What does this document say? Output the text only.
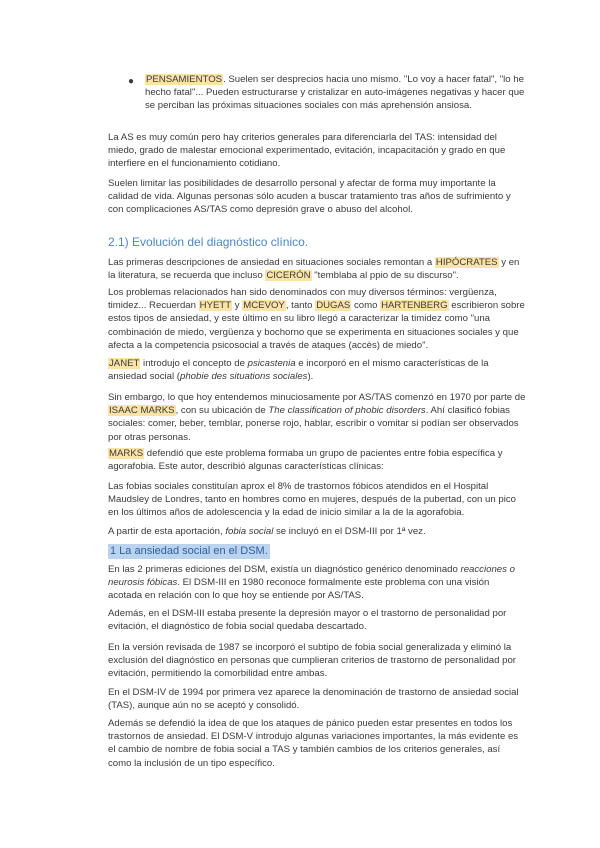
● PENSAMIENTOS. Suelen ser desprecios hacia uno mismo. "Lo voy a hacer fatal", "lo he hecho fatal"... Pueden estructurarse y cristalizar en auto-imágenes negativas y hacer que se perciban las próximas situaciones sociales con más aprehensión ansiosa.

La AS es muy común pero hay criterios generales para diferenciarla del TAS: intensidad del miedo, grado de malestar emocional experimentado, evitación, incapacitación y grado en que interfiere en el funcionamiento cotidiano.

Suelen limitar las posibilidades de desarrollo personal y afectar de forma muy importante la calidad de vida. Algunas personas sólo acuden a buscar tratamiento tras años de sufrimiento y con complicaciones AS/TAS como depresión grave o abuso del alcohol.

2.1) Evolución del diagnóstico clínico.

Las primeras descripciones de ansiedad en situaciones sociales remontan a HIPÓCRATES y en la literatura, se recuerda que incluso CICERÓN "temblaba al ppio de su discurso".

Los problemas relacionados han sido denominados con muy diversos términos: vergüenza, timidez... Recuerdan HYETT y MCEVOY, tanto DUGAS como HARTENBERG escribieron sobre estos tipos de ansiedad, y este último en su libro llegó a caracterizar la timidez como "una combinación de miedo, vergüenza y bochorno que se experimenta en situaciones sociales y que afecta a la competencia psicosocial a través de ataques (accès) de miedo".

JANET introdujo el concepto de psicastenia e incorporó en el mismo características de la ansiedad social (phobie des situations sociales).

Sin embargo, lo que hoy entendemos minuciosamente por AS/TAS comenzó en 1970 por parte de ISAAC MARKS, con su ubicación de The classification of phobic disorders. Ahí clasificó fobias sociales: comer, beber, temblar, ponerse rojo, hablar, escribir o vomitar si podían ser observados por otras personas.

MARKS defendió que este problema formaba un grupo de pacientes entre fobia específica y agorafobia. Este autor, describió algunas características clínicas:

Las fobias sociales constituían aprox el 8% de trastornos fóbicos atendidos en el Hospital Maudsley de Londres, tanto en hombres como en mujeres, después de la pubertad, con un pico en los últimos años de adolescencia y la edad de inicio similar a la de la agorafobia.

A partir de esta aportación, fobia social se incluyó en el DSM-III por 1ª vez.

1 La ansiedad social en el DSM.

En las 2 primeras ediciones del DSM, existía un diagnóstico genérico denominado reacciones o neurosis fóbicas. El DSM-III en 1980 reconoce formalmente este problema con una visión acotada en relación con lo que hoy se entiende por AS/TAS.

Además, en el DSM-III estaba presente la depresión mayor o el trastorno de personalidad por evitación, el diagnóstico de fobia social quedaba descartado.

En la versión revisada de 1987 se incorporó el subtipo de fobia social generalizada y eliminó la exclusión del diagnóstico en personas que cumplieran criterios de trastorno de personalidad por evitación, permitiendo la comorbilidad entre ambas.

En el DSM-IV de 1994 por primera vez aparece la denominación de trastorno de ansiedad social (TAS), aunque aún no se aceptó y consolidó.

Además se defendió la idea de que los ataques de pánico pueden estar presentes en todos los trastornos de ansiedad. El DSM-V introdujo algunas variaciones importantes, la más evidente es el cambio de nombre de fobia social a TAS y también cambios de los criterios generales, así como la inclusión de un tipo específico.
